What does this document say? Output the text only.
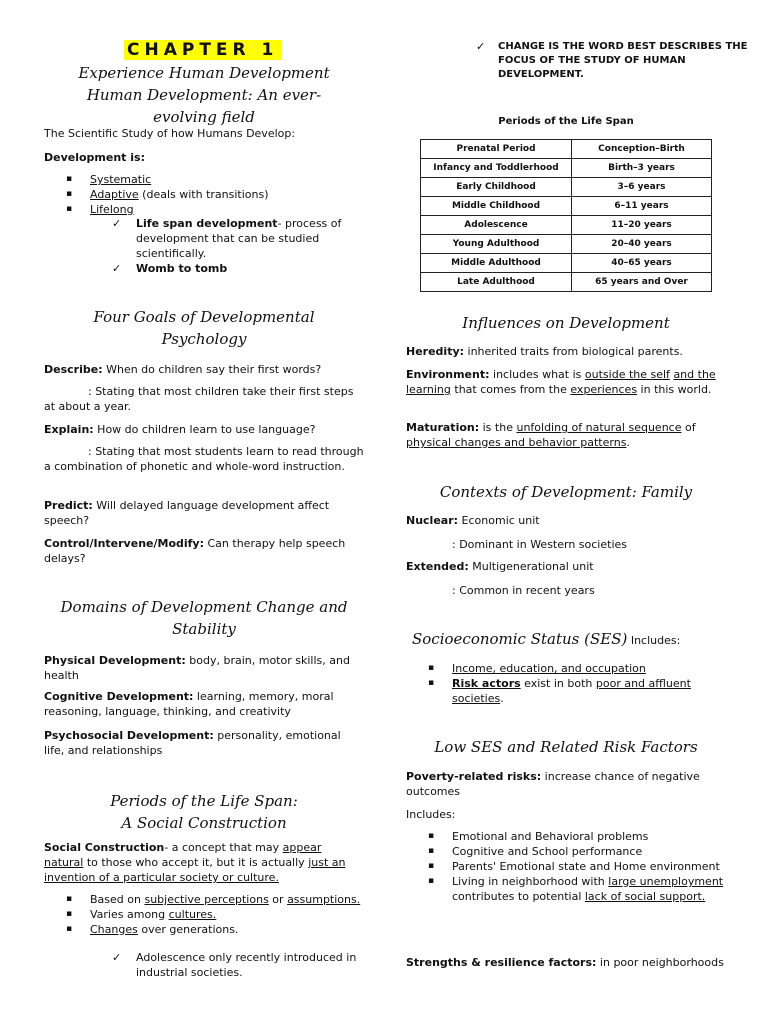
CHAPTER 1

Experience Human Development

Human Development: An ever-

evolving field

The Scientific Study of how Humans Develop:

Development is:

▪ Systematic
▪ Adaptive (deals with transitions)
▪ Lifelong
✓ Life span development- process of development that can be studied scientifically.
✓ Womb to tomb

Four Goals of Developmental

Psychology

Describe: When do children say their first words?

: Stating that most children take their first steps at about a year.

Explain: How do children learn to use language?

: Stating that most students learn to read through a combination of phonetic and whole-word instruction.

Predict: Will delayed language development affect speech?

Control/Intervene/Modify: Can therapy help speech delays?

Domains of Development Change and

Stability

Physical Development: body, brain, motor skills, and health

Cognitive Development: learning, memory, moral reasoning, language, thinking, and creativity

Psychosocial Development: personality, emotional life, and relationships

Periods of the Life Span:

A Social Construction

Social Construction- a concept that may appear natural to those who accept it, but it is actually just an invention of a particular society or culture.

▪ Based on subjective perceptions or assumptions.
▪ Varies among cultures.
▪ Changes over generations.
✓ Adolescence only recently introduced in industrial societies.
✓ CHANGE IS THE WORD BEST DESCRIBES THE FOCUS OF THE STUDY OF HUMAN DEVELOPMENT.

Periods of the Life Span

Prenatal Period	Conception–Birth
Infancy and Toddlerhood	Birth–3 years
Early Childhood	3–6 years
Middle Childhood	6–11 years
Adolescence	11–20 years
Young Adulthood	20–40 years
Middle Adulthood	40–65 years
Late Adulthood	65 years and Over

Influences on Development

Heredity: inherited traits from biological parents.

Environment: includes what is outside the self and the learning that comes from the experiences in this world.

Maturation: is the unfolding of natural sequence of physical changes and behavior patterns.

Contexts of Development: Family

Nuclear: Economic unit

: Dominant in Western societies

Extended: Multigenerational unit

: Common in recent years

Socioeconomic Status (SES) Includes:

▪ Income, education, and occupation
▪ Risk actors exist in both poor and affluent societies.

Low SES and Related Risk Factors

Poverty-related risks: increase chance of negative outcomes

Includes:

▪ Emotional and Behavioral problems
▪ Cognitive and School performance
▪ Parents' Emotional state and Home environment
▪ Living in neighborhood with large unemployment contributes to potential lack of social support.

Strengths & resilience factors: in poor neighborhoods
